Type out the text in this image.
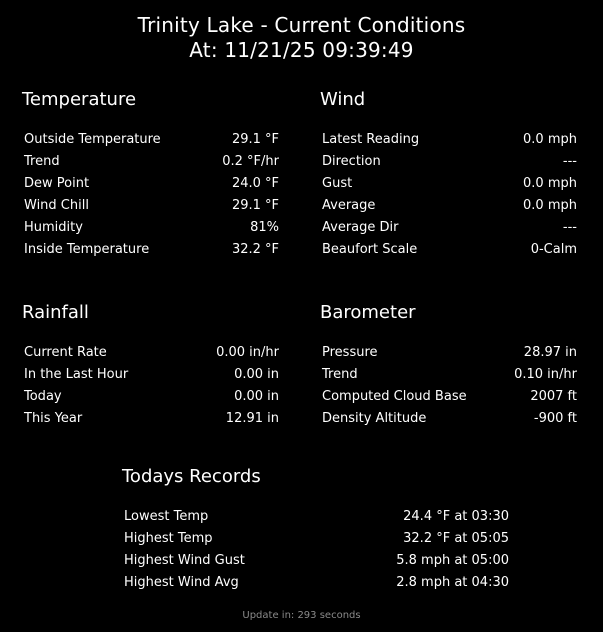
Trinity Lake - Current Conditions
At: 11/21/25 09:39:49
Temperature
Outside Temperature	29.1 °F
Trend	0.2 °F/hr
Dew Point	24.0 °F
Wind Chill	29.1 °F
Humidity	81%
Inside Temperature	32.2 °F
Wind
Latest Reading	0.0 mph
Direction	---
Gust	0.0 mph
Average	0.0 mph
Average Dir	---
Beaufort Scale	0-Calm
Rainfall
Current Rate	0.00 in/hr
In the Last Hour	0.00 in
Today	0.00 in
This Year	12.91 in
Barometer
Pressure	28.97 in
Trend	0.10 in/hr
Computed Cloud Base	2007 ft
Density Altitude	-900 ft
Todays Records
Lowest Temp	24.4 °F at 03:30
Highest Temp	32.2 °F at 05:05
Highest Wind Gust	5.8 mph at 05:00
Highest Wind Avg	2.8 mph at 04:30
Update in: 293 seconds
